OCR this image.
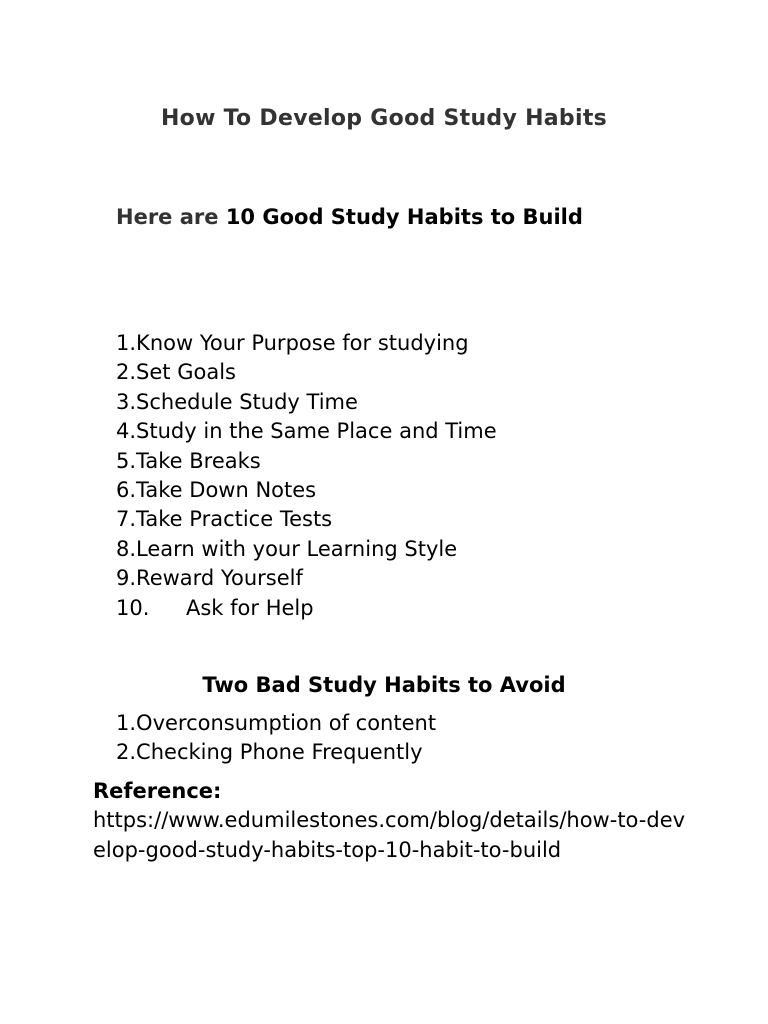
How To Develop Good Study Habits
Here are 10 Good Study Habits to Build
1.Know Your Purpose for studying
2.Set Goals
3.Schedule Study Time
4.Study in the Same Place and Time
5.Take Breaks
6.Take Down Notes
7.Take Practice Tests
8.Learn with your Learning Style
9.Reward Yourself
10. Ask for Help
Two Bad Study Habits to Avoid
1.Overconsumption of content
2.Checking Phone Frequently
Reference:
https://www.edumilestones.com/blog/details/how-to-develop-good-study-habits-top-10-habit-to-build
